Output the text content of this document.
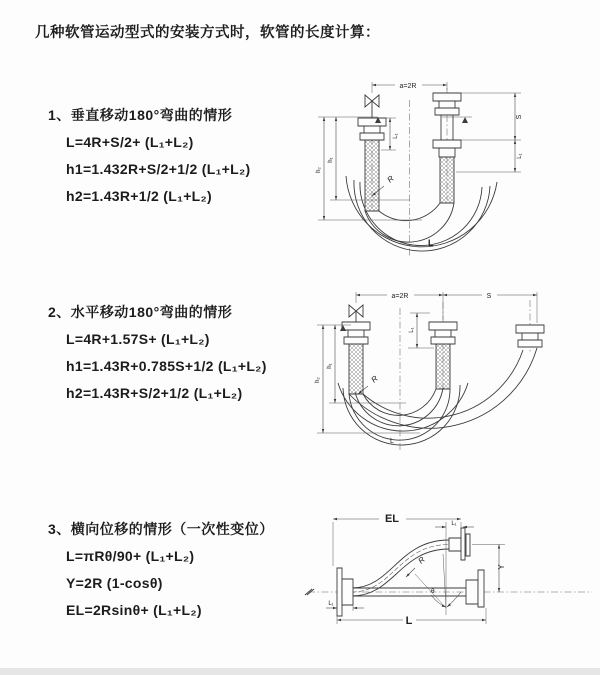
几种软管运动型式的安装方式时，软管的长度计算：
1、垂直移动180°弯曲的情形
L=4R+S/2+ (L₁+L₂)
h1=1.432R+S/2+1/2 (L₁+L₂)
h2=1.43R+1/2 (L₁+L₂)
2、水平移动180°弯曲的情形
L=4R+1.57S+ (L₁+L₂)
h1=1.43R+0.785S+1/2 (L₁+L₂)
h2=1.43R+S/2+1/2 (L₁+L₂)
3、横向位移的情形（一次性变位）
L=πRθ/90+ (L₁+L₂)
Y=2R (1-cosθ)
EL=2Rsinθ+ (L₁+L₂)
a=2R
L₁
S
L₁
h₂
h₁
R
L
a=2R	S
h₂
h₁
L₁
R
L
θ
EL	L₁
Y
R
L₁
L
